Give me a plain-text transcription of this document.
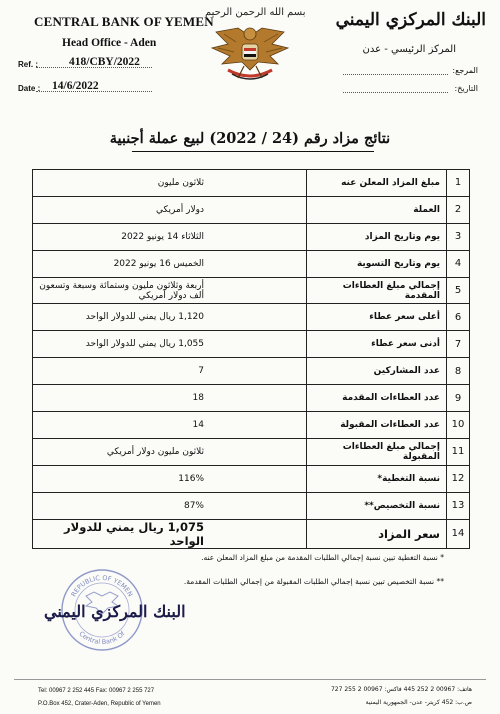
CENTRAL BANK OF YEMEN
Head Office - Aden
Ref. :	418/CBY/2022
Date : 14/6/2022
بسم الله الرحمن الرحيم البنك المركزي اليمني
المركز الرئيسي - عدن
المرجع:
التاريخ:
نتائج مزاد رقم (24 / 2022) لبيع عملة أجنبية
1	مبلغ المزاد المعلن عنه	ثلاثون مليون
2	العملة	دولار أمريكي
3	يوم وتاريخ المزاد	الثلاثاء 14 يونيو 2022
4	يوم وتاريخ التسوية	الخميس 16 يونيو 2022
5	إجمالي مبلغ العطاءات المقدمة	أربعة وثلاثون مليون وستمائة وسبعة وتسعون ألف دولار أمريكي
6	أعلى سعر عطاء	1,120 ريال يمني للدولار الواحد
7	أدنى سعر عطاء	1,055 ريال يمني للدولار الواحد
8	عدد المشاركين	7
9	عدد العطاءات المقدمة	18
10	عدد العطاءات المقبولة	14
11	إجمالي مبلغ العطاءات المقبولة	ثلاثون مليون دولار أمريكي
12	نسبة التغطية*	116%
13	نسبة التخصيص**	87%
14	سعر المزاد	1,075 ريال يمني للدولار الواحد
* نسبة التغطية تبين نسبة إجمالي الطلبات المقدمة من مبلغ المزاد المعلن عنه.
** نسبة التخصيص تبين نسبة إجمالي الطلبات المقبولة من إجمالي الطلبات المقدمة.
REPUBLIC OF YEMEN
Central Bank Of
البنك المركزي اليمني
Tel: 00967 2 252 445 Fax: 00967 2 255 727
P.O.Box 452, Crater-Aden, Republic of Yemen
هاتف: 00967 2 252 445 فاكس: 00967 2 255 727
ص.ب: 452 كريتر- عدن- الجمهورية اليمنية
